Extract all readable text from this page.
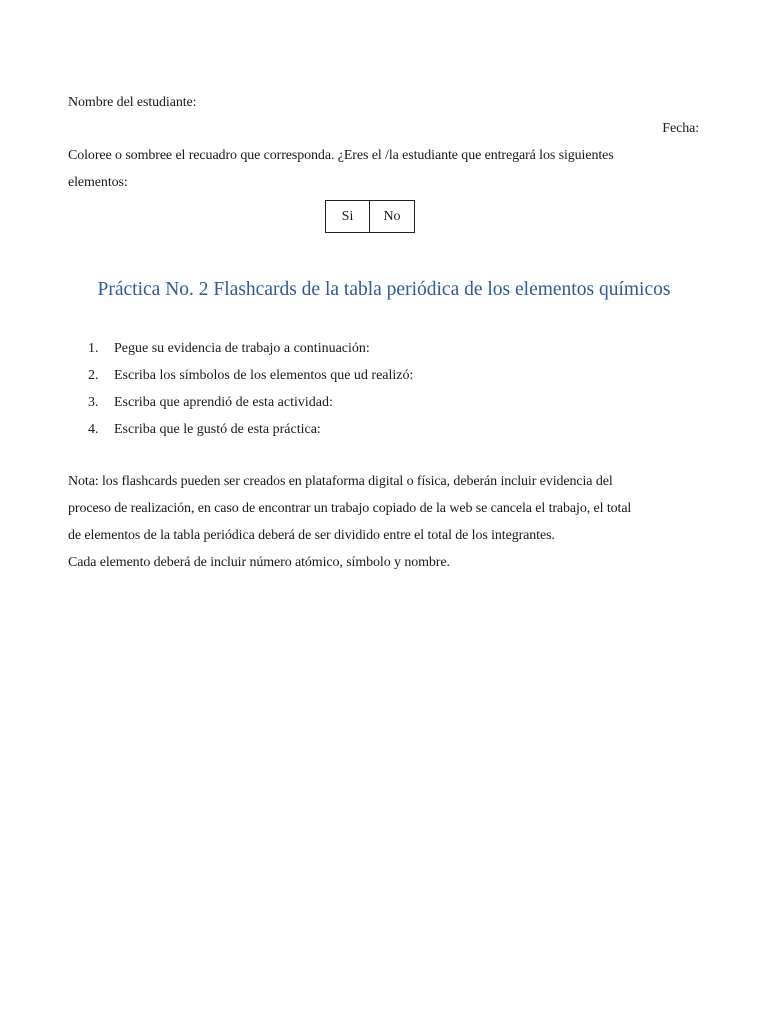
Nombre del estudiante:
Fecha:
Coloree o sombree el recuadro que corresponda. ¿Eres el /la estudiante que entregará los siguientes
elementos:
Si	No
Práctica No. 2 Flashcards de la tabla periódica de los elementos químicos
1.	Pegue su evidencia de trabajo a continuación:
2.	Escriba los símbolos de los elementos que ud realizó:
3.	Escriba que aprendió de esta actividad:
4.	Escriba que le gustó de esta práctica:
Nota: los flashcards pueden ser creados en plataforma digital o física, deberán incluir evidencia del
proceso de realización, en caso de encontrar un trabajo copiado de la web se cancela el trabajo, el total
de elementos de la tabla periódica deberá de ser dividido entre el total de los integrantes.
Cada elemento deberá de incluir número atómico, símbolo y nombre.
